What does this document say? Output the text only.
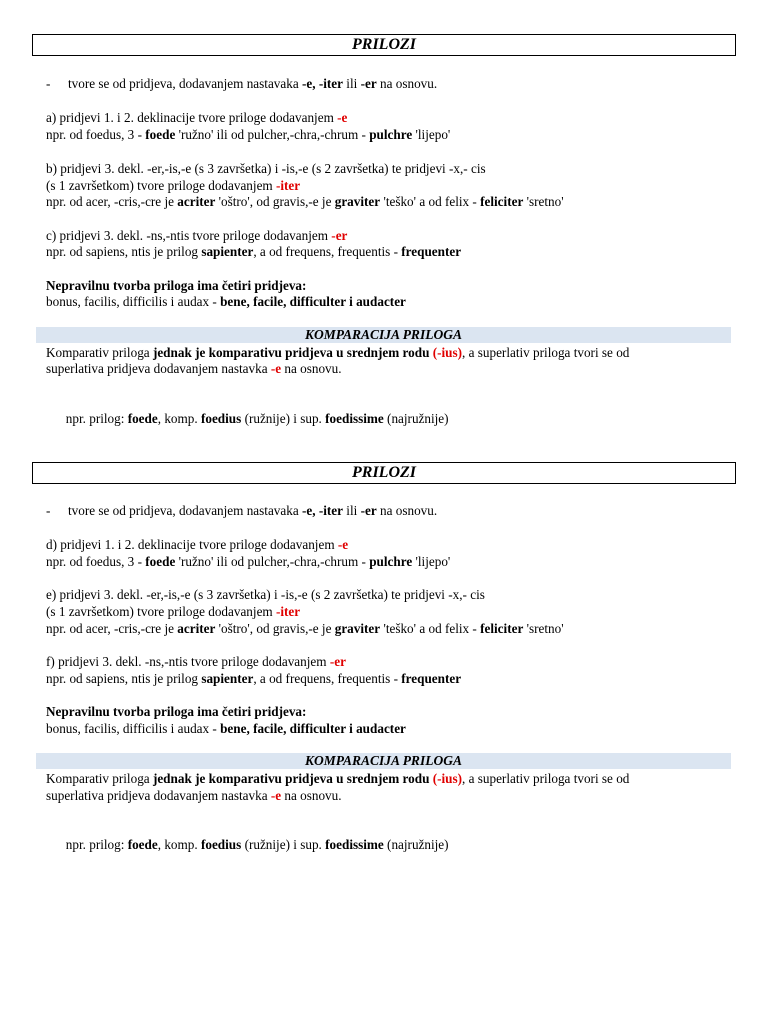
PRILOZI
- tvore se od pridjeva, dodavanjem nastavaka -e, -iter ili -er na osnovu.
a) pridjevi 1. i 2. deklinacije tvore priloge dodavanjem -e
npr. od foedus, 3 - foede 'ružno' ili od pulcher,-chra,-chrum - pulchre 'lijepo'
b) pridjevi 3. dekl. -er,-is,-e (s 3 završetka) i -is,-e (s 2 završetka) te pridjevi -x,- cis
(s 1 završetkom) tvore priloge dodavanjem -iter
npr. od acer, -cris,-cre je acriter 'oštro', od gravis,-e je graviter 'teško' a od felix - feliciter 'sretno'
c) pridjevi 3. dekl. -ns,-ntis tvore priloge dodavanjem -er
npr. od sapiens, ntis je prilog sapienter, a od frequens, frequentis - frequenter
Nepravilnu tvorba priloga ima četiri pridjeva:
bonus, facilis, difficilis i audax - bene, facile, difficulter i audacter
KOMPARACIJA PRILOGA
Komparativ priloga jednak je komparativu pridjeva u srednjem rodu (-ius), a superlativ priloga tvori se od
superlativa pridjeva dodavanjem nastavka -e na osnovu.

npr. prilog: foede, komp. foedius (ružnije) i sup. foedissime (najružnije)

PRILOZI
- tvore se od pridjeva, dodavanjem nastavaka -e, -iter ili -er na osnovu.
d) pridjevi 1. i 2. deklinacije tvore priloge dodavanjem -e
npr. od foedus, 3 - foede 'ružno' ili od pulcher,-chra,-chrum - pulchre 'lijepo'
e) pridjevi 3. dekl. -er,-is,-e (s 3 završetka) i -is,-e (s 2 završetka) te pridjevi -x,- cis
(s 1 završetkom) tvore priloge dodavanjem -iter
npr. od acer, -cris,-cre je acriter 'oštro', od gravis,-e je graviter 'teško' a od felix - feliciter 'sretno'
f) pridjevi 3. dekl. -ns,-ntis tvore priloge dodavanjem -er
npr. od sapiens, ntis je prilog sapienter, a od frequens, frequentis - frequenter
Nepravilnu tvorba priloga ima četiri pridjeva:
bonus, facilis, difficilis i audax - bene, facile, difficulter i audacter
KOMPARACIJA PRILOGA
Komparativ priloga jednak je komparativu pridjeva u srednjem rodu (-ius), a superlativ priloga tvori se od
superlativa pridjeva dodavanjem nastavka -e na osnovu.

npr. prilog: foede, komp. foedius (ružnije) i sup. foedissime (najružnije)
